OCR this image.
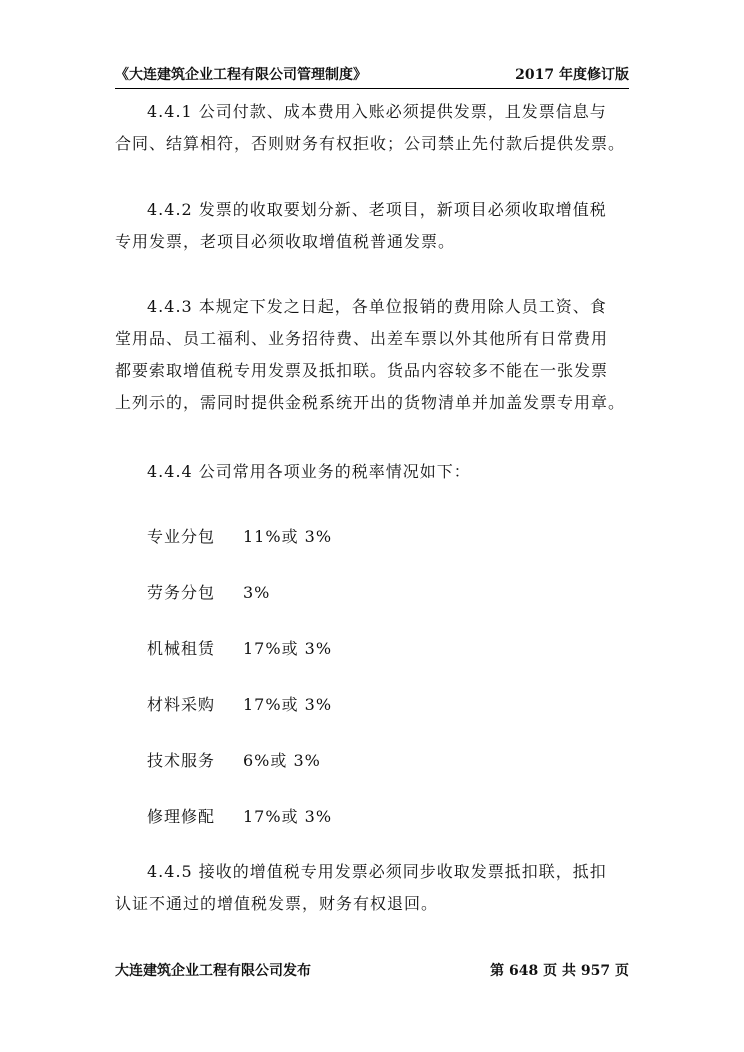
《大连建筑企业工程有限公司管理制度》	2017 年度修订版

4.4.1 公司付款、成本费用入账必须提供发票，且发票信息与
合同、结算相符，否则财务有权拒收；公司禁止先付款后提供发票。

4.4.2 发票的收取要划分新、老项目，新项目必须收取增值税
专用发票，老项目必须收取增值税普通发票。

4.4.3 本规定下发之日起，各单位报销的费用除人员工资、食
堂用品、员工福利、业务招待费、出差车票以外其他所有日常费用
都要索取增值税专用发票及抵扣联。货品内容较多不能在一张发票
上列示的，需同时提供金税系统开出的货物清单并加盖发票专用章。

4.4.4 公司常用各项业务的税率情况如下：

专业分包 11%或 3%
劳务分包 3%
机械租赁 17%或 3%
材料采购 17%或 3%
技术服务 6%或 3%
修理修配 17%或 3%

4.4.5 接收的增值税专用发票必须同步收取发票抵扣联，抵扣
认证不通过的增值税发票，财务有权退回。

大连建筑企业工程有限公司发布	第 648 页 共 957 页
